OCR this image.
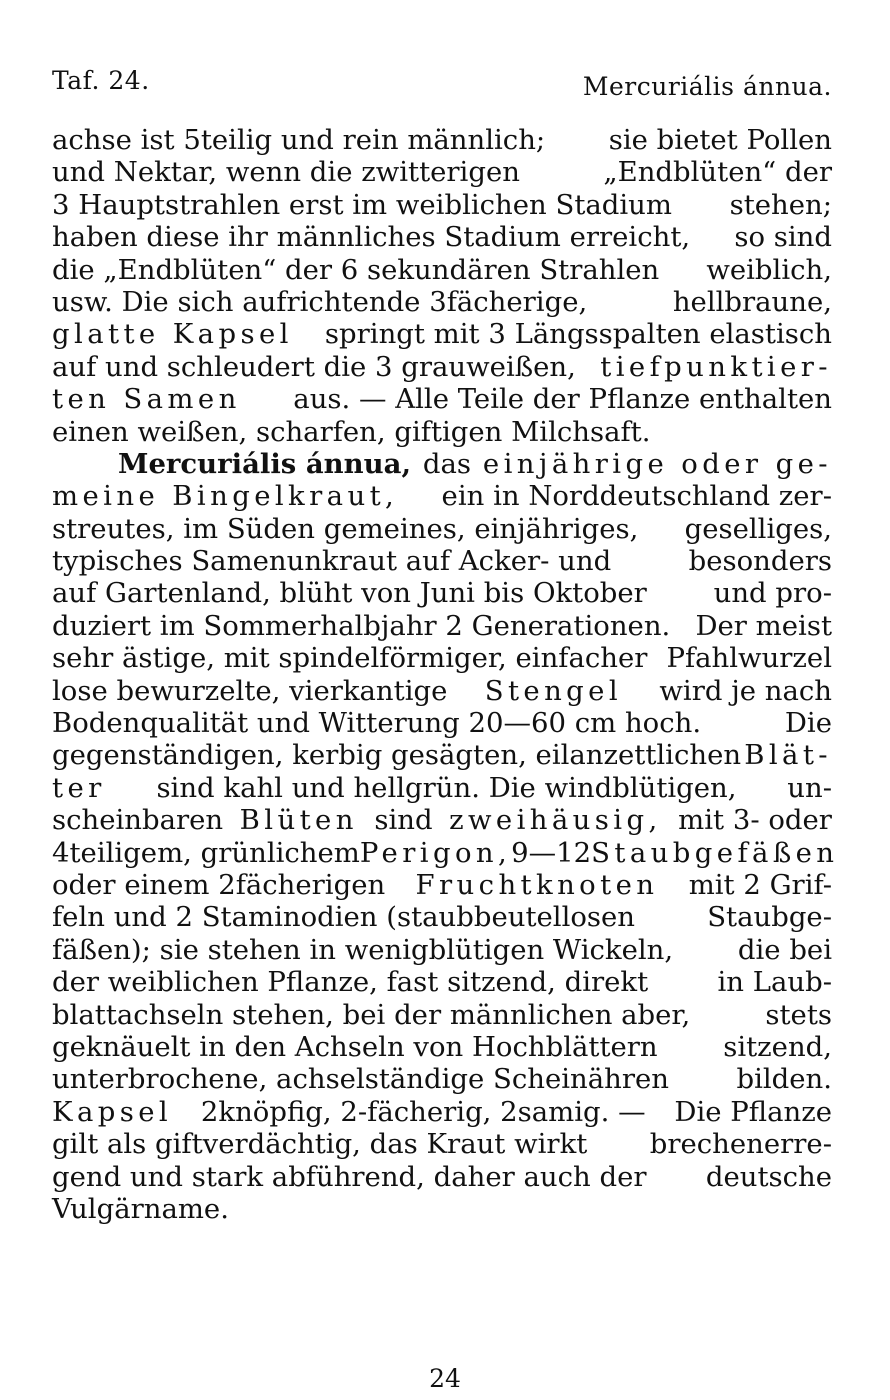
Taf. 24.	Mercuriális ánnua.
achse ist 5teilig und rein männlich; sie bietet Pollen
und Nektar, wenn die zwitterigen	„Endblüten“ der
3 Hauptstrahlen erst im weiblichen Stadium stehen;
haben diese ihr männliches Stadium erreicht, so sind
die „Endblüten“ der 6 sekundären Strahlen weiblich,
usw. Die sich aufrichtende 3fächerige,	hellbraune,
glatte Kapsel springt mit 3 Längsspalten elastisch
auf und schleudert die 3 grauweißen, tiefpunktier-
ten Samen aus. — Alle Teile der Pflanze enthalten
einen weißen, scharfen, giftigen Milchsaft.
Mercuriális ánnua, das einjährige oder ge-
meine Bingelkraut, ein in Norddeutschland zer-
streutes, im Süden gemeines, einjähriges, geselliges,
typisches Samenunkraut auf Acker- und	besonders
auf Gartenland, blüht von Juni bis Oktober und pro-
duziert im Sommerhalbjahr 2 Generationen. Der meist
sehr ästige, mit spindelförmiger, einfacher Pfahlwurzel
lose bewurzelte, vierkantige Stengel wird je nach
Bodenqualität und Witterung 20—60 cm hoch.	Die
gegenständigen, kerbig gesägten, eilanzettlichen Blät-
ter sind kahl und hellgrün. Die windblütigen, un-
scheinbaren Blüten sind zweihäusig, mit 3- oder
4teiligem, grünlichem Perigon, 9—12 Staubgefäßen
oder einem 2fächerigen Fruchtknoten mit 2 Grif-
feln und 2 Staminodien (staubbeutellosen	Staubge-
fäßen); sie stehen in wenigblütigen Wickeln, die bei
der weiblichen Pflanze, fast sitzend, direkt	in Laub-
blattachseln stehen, bei der männlichen aber,	stets
geknäuelt in den Achseln von Hochblättern sitzend,
unterbrochene, achselständige Scheinähren bilden.
Kapsel 2knöpfig, 2-fächerig, 2samig. — Die Pflanze
gilt als giftverdächtig, das Kraut wirkt brechenerre-
gend und stark abführend, daher auch der deutsche
Vulgärname.
24
